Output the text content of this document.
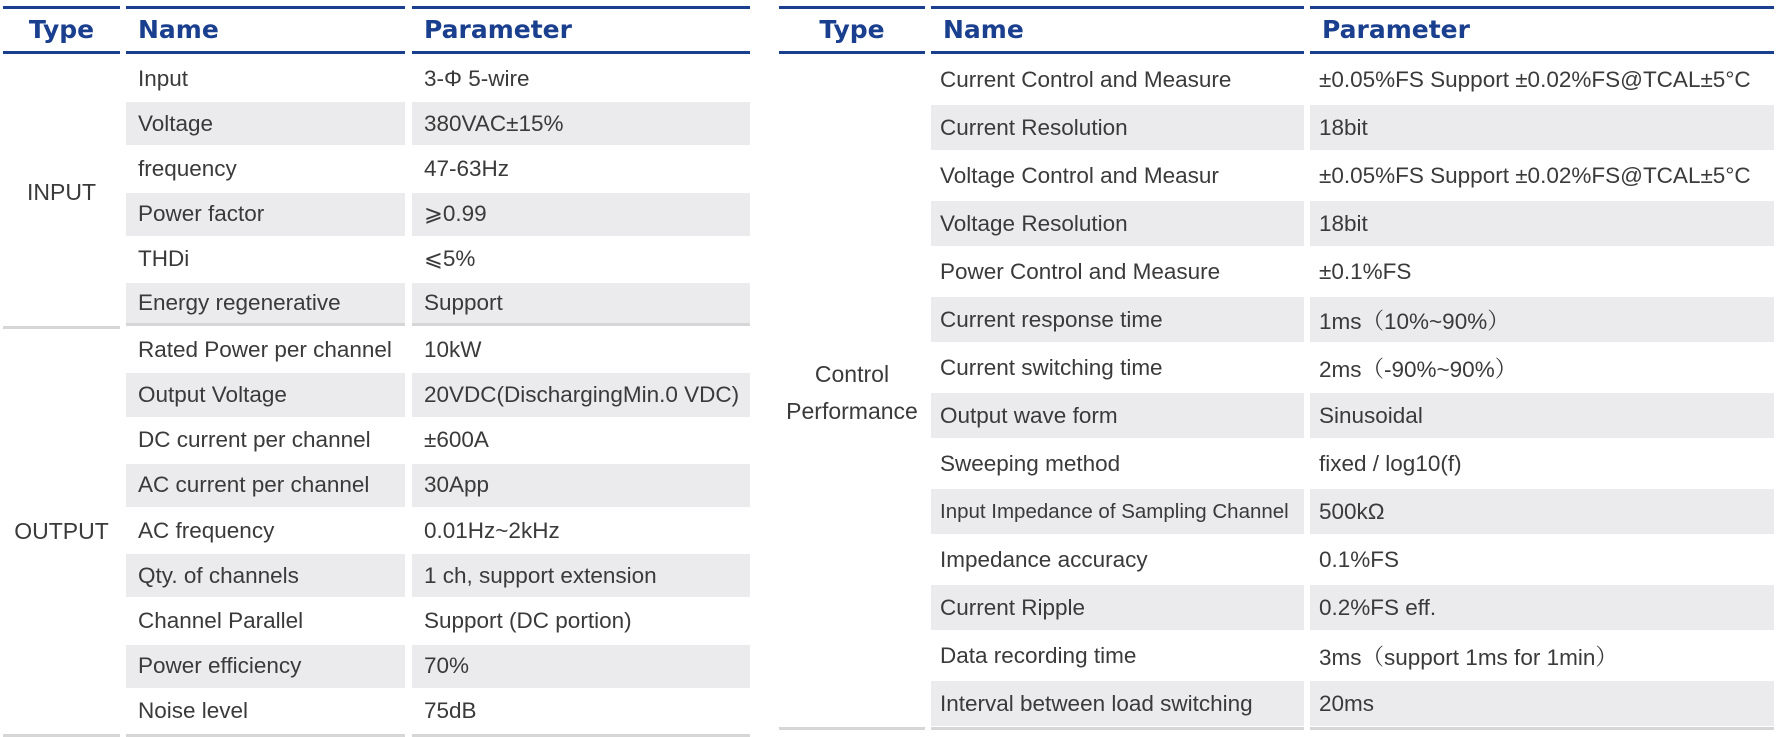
Type	Name	Parameter
INPUT
Input	3-Φ 5-wire
Voltage	380VAC±15%
frequency	47-63Hz
Power factor	⩾0.99
THDi	⩽5%
Energy regenerative	Support
OUTPUT
Rated Power per channel	10kW
Output Voltage	20VDC(DischargingMin.0 VDC)
DC current per channel	±600A
AC current per channel	30App
AC frequency	0.01Hz~2kHz
Qty. of channels	1 ch, support extension
Channel Parallel	Support (DC portion)
Power efficiency	70%
Noise level	75dB
Type	Name	Parameter
Control
Performance
Current Control and Measure	±0.05%FS Support ±0.02%FS@TCAL±5°C
Current Resolution	18bit
Voltage Control and Measur	±0.05%FS Support ±0.02%FS@TCAL±5°C
Voltage Resolution	18bit
Power Control and Measure	±0.1%FS
Current response time	1ms（10%~90%）
Current switching time	2ms（-90%~90%）
Output wave form	Sinusoidal
Sweeping method	fixed / log10(f)
Input Impedance of Sampling Channel	500kΩ
Impedance accuracy	0.1%FS
Current Ripple	0.2%FS eff.
Data recording time	3ms（support 1ms for 1min）
Interval between load switching	20ms
